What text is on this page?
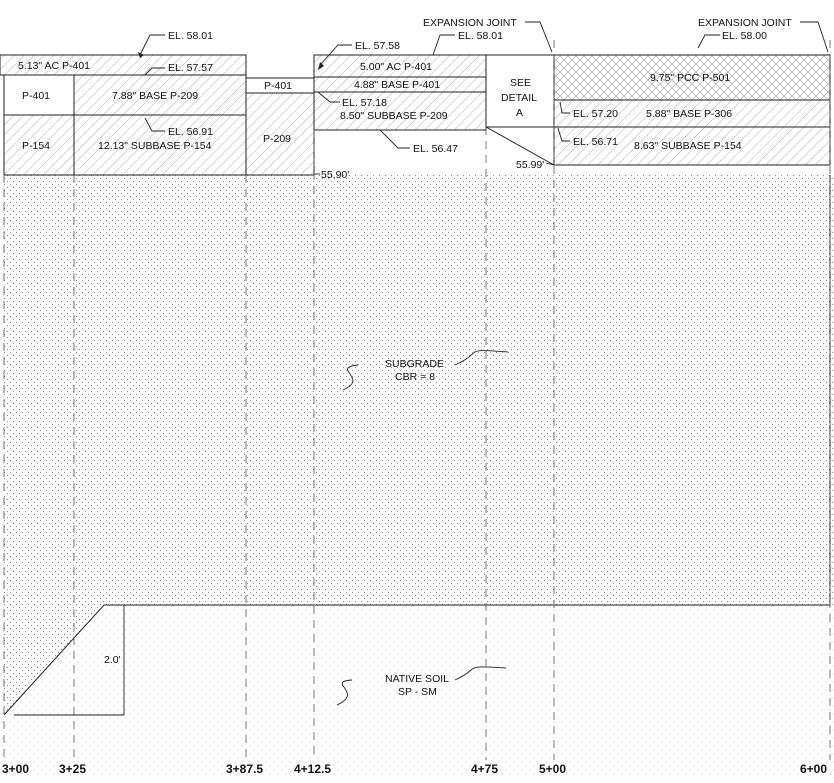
5.13" AC P-401
P-401	7.88" BASE P-209
P-154	12.13" SUBBASE P-154
P-401
P-209
5.00" AC P-401
4.88" BASE P-401
8.50" SUBBASE P-209
SEE
DETAIL
A
9.75" PCC P-501
5.88" BASE P-306
8.63" SUBBASE P-154
EL. 58.01
EL. 57.57
EL. 56.91
EL. 57.58
EL. 58.01
EL. 57.18
EL. 56.47
55.90'
55.99'
EL. 58.00
EL. 57.20
EL. 56.71
EXPANSION JOINT	EXPANSION JOINT
SUBGRADE
CBR = 8
NATIVE SOIL
SP - SM
2.0'
3+00 3+25	3+87.5	4+12.5	4+75	5+00	6+00
